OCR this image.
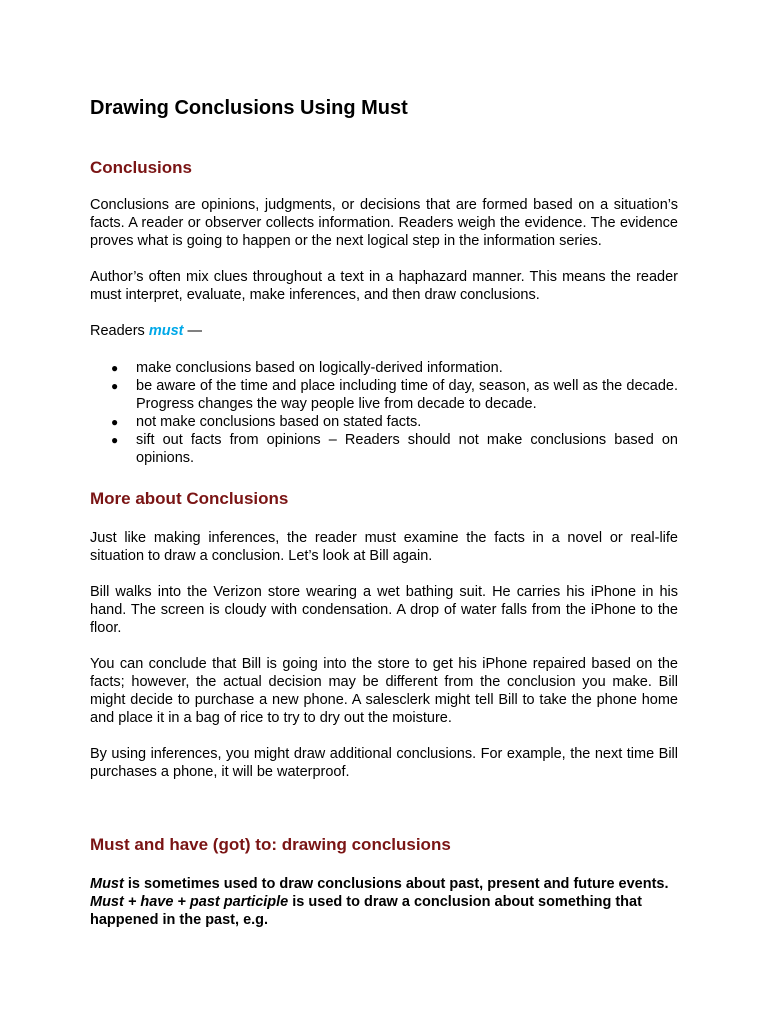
Drawing Conclusions Using Must
Conclusions

Conclusions are opinions, judgments, or decisions that are formed based on a situation’s facts. A reader or observer collects information. Readers weigh the evidence. The evidence proves what is going to happen or the next logical step in the information series.

Author’s often mix clues throughout a text in a haphazard manner. This means the reader must interpret, evaluate, make inferences, and then draw conclusions.

Readers must —

● make conclusions based on logically-derived information.
● be aware of the time and place including time of day, season, as well as the decade. Progress changes the way people live from decade to decade.
● not make conclusions based on stated facts.
● sift out facts from opinions – Readers should not make conclusions based on opinions.
More about Conclusions

Just like making inferences, the reader must examine the facts in a novel or real-life situation to draw a conclusion. Let’s look at Bill again.

Bill walks into the Verizon store wearing a wet bathing suit. He carries his iPhone in his hand. The screen is cloudy with condensation. A drop of water falls from the iPhone to the floor.

You can conclude that Bill is going into the store to get his iPhone repaired based on the facts; however, the actual decision may be different from the conclusion you make. Bill might decide to purchase a new phone. A salesclerk might tell Bill to take the phone home and place it in a bag of rice to try to dry out the moisture.

By using inferences, you might draw additional conclusions. For example, the next time Bill purchases a phone, it will be waterproof.

Must and have (got) to: drawing conclusions

Must is sometimes used to draw conclusions about past, present and future events. Must + have + past participle is used to draw a conclusion about something that happened in the past, e.g.
